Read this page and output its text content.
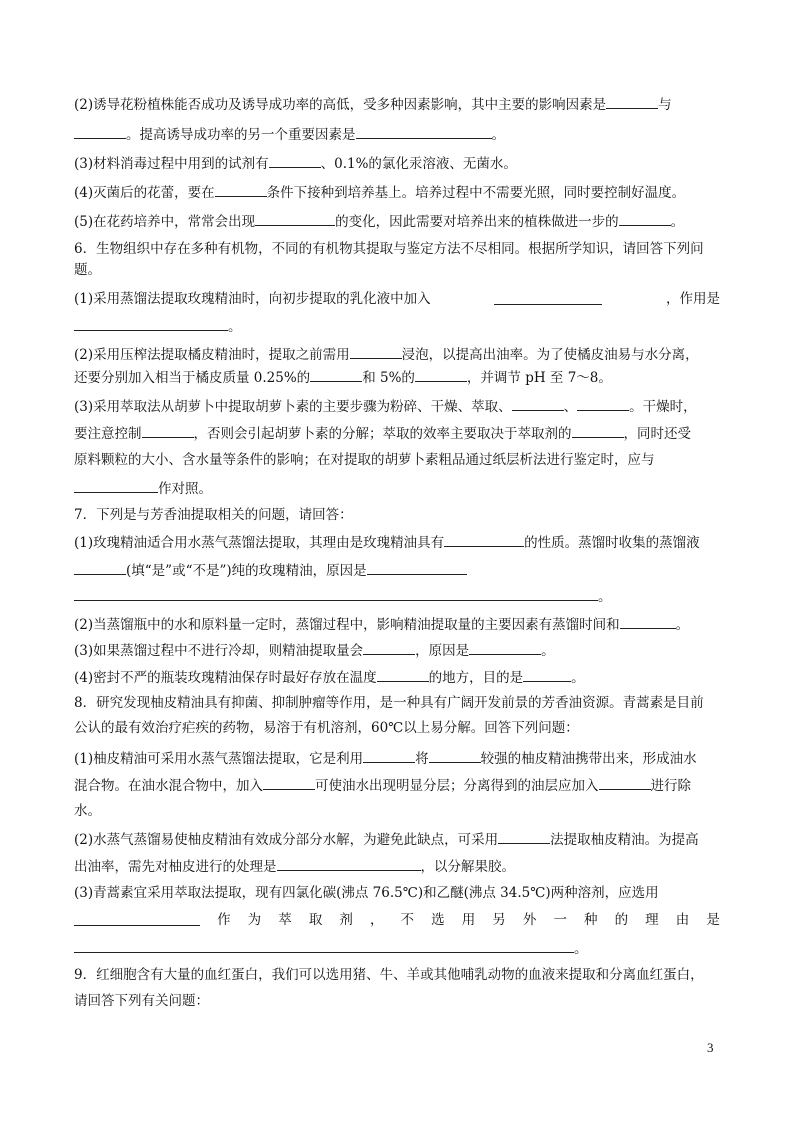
(2)诱导花粉植株能否成功及诱导成功率的高低，受多种因素影响，其中主要的影响因素是	与
。提高诱导成功率的另一个重要因素是	。
(3)材料消毒过程中用到的试剂有	、0.1%的氯化汞溶液、无菌水。
(4)灭菌后的花蕾，要在	条件下接种到培养基上。培养过程中不需要光照，同时要控制好温度。
(5)在花药培养中，常常会出现	的变化，因此需要对培养出来的植株做进一步的	。
6．生物组织中存在多种有机物，不同的有机物其提取与鉴定方法不尽相同。根据所学知识，请回答下列问
题。
(1)采用蒸馏法提取玫瑰精油时，向初步提取的乳化液中加入	，作用是
。
(2)采用压榨法提取橘皮精油时，提取之前需用	浸泡，以提高出油率。为了使橘皮油易与水分离，
还要分别加入相当于橘皮质量 0.25%的	和 5%的	，并调节 pH 至 7～8。
(3)采用萃取法从胡萝卜中提取胡萝卜素的主要步骤为粉碎、干燥、萃取、	、	。干燥时，
要注意控制	，否则会引起胡萝卜素的分解；萃取的效率主要取决于萃取剂的	，同时还受
原料颗粒的大小、含水量等条件的影响；在对提取的胡萝卜素粗品通过纸层析法进行鉴定时，应与
作对照。
7．下列是与芳香油提取相关的问题，请回答：
(1)玫瑰精油适合用水蒸气蒸馏法提取，其理由是玫瑰精油具有	的性质。蒸馏时收集的蒸馏液
(填“是”或“不是”)纯的玫瑰精油，原因是
。
(2)当蒸馏瓶中的水和原料量一定时，蒸馏过程中，影响精油提取量的主要因素有蒸馏时间和	。
(3)如果蒸馏过程中不进行冷却，则精油提取量会	，原因是	。
(4)密封不严的瓶装玫瑰精油保存时最好存放在温度	的地方，目的是	。
8．研究发现柚皮精油具有抑菌、抑制肿瘤等作用，是一种具有广阔开发前景的芳香油资源。青蒿素是目前
公认的最有效治疗疟疾的药物，易溶于有机溶剂，60℃以上易分解。回答下列问题：
(1)柚皮精油可采用水蒸气蒸馏法提取，它是利用	将	较强的柚皮精油携带出来，形成油水
混合物。在油水混合物中，加入	可使油水出现明显分层；分离得到的油层应加入	进行除
水。
(2)水蒸气蒸馏易使柚皮精油有效成分部分水解，为避免此缺点，可采用	法提取柚皮精油。为提高
出油率，需先对柚皮进行的处理是	，以分解果胶。
(3)青蒿素宜采用萃取法提取，现有四氯化碳(沸点 76.5℃)和乙醚(沸点 34.5℃)两种溶剂，应选用
作 为 萃 取 剂 ， 不 选 用 另 外 一 种 的 理 由 是
。
9．红细胞含有大量的血红蛋白，我们可以选用猪、牛、羊或其他哺乳动物的血液来提取和分离血红蛋白，
请回答下列有关问题：
3
